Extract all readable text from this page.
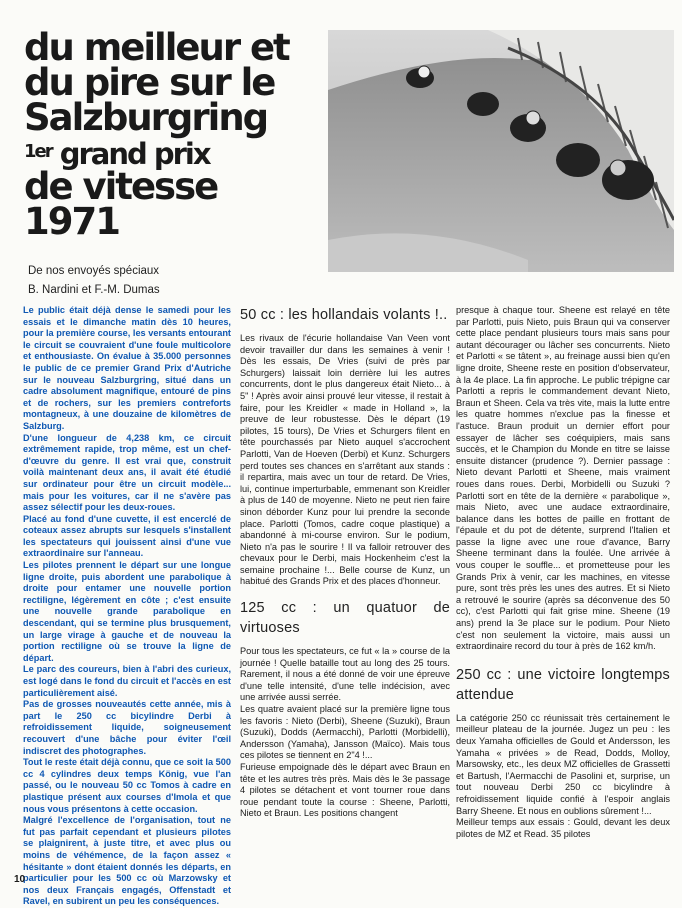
du meilleur et
du pire sur le
Salzburgring
$^{1er}$ grand prix
de vitesse
1971
De nos envoyés spéciaux
B. Nardini et F.-M. Dumas

Le public était déjà dense le samedi pour les essais et le dimanche matin dès 10 heures, pour la première course, les versants entourant le circuit se couvraient d'une foule multicolore et enthousiaste. On évalue à 35.000 personnes le public de ce premier Grand Prix d'Autriche sur le nouveau Salzburgring, situé dans un cadre absolument magnifique, entouré de pins et de rochers, sur les premiers contreforts montagneux, à une douzaine de kilomètres de Salzburg.

D'une longueur de 4,238 km, ce circuit extrêmement rapide, trop même, est un chef-d'œuvre du genre. Il est vrai que, construit voilà maintenant deux ans, il avait été étudié sur ordinateur pour être un circuit modèle... mais pour les voitures, car il ne s'avère pas assez sélectif pour les deux-roues.

Placé au fond d'une cuvette, il est encerclé de coteaux assez abrupts sur lesquels s'installent les spectateurs qui jouissent ainsi d'une vue extraordinaire sur l'anneau.

Les pilotes prennent le départ sur une longue ligne droite, puis abordent une parabolique à droite pour entamer une nouvelle portion rectiligne, légèrement en côte ; c'est ensuite une nouvelle grande parabolique en descendant, qui se termine plus brusquement, un large virage à gauche et de nouveau la portion rectiligne où se trouve la ligne de départ.

Le parc des coureurs, bien à l'abri des curieux, est logé dans le fond du circuit et l'accès en est particulièrement aisé.

Pas de grosses nouveautés cette année, mis à part le 250 cc bicylindre Derbi à refroidissement liquide, soigneusement recouvert d'une bâche pour éviter l'œil indiscret des photographes.

Tout le reste était déjà connu, que ce soit la 500 cc 4 cylindres deux temps König, vue l'an passé, ou le nouveau 50 cc Tomos à cadre en plastique présent aux courses d'Imola et que nous vous présentons à cette occasion.

Malgré l'excellence de l'organisation, tout ne fut pas parfait cependant et plusieurs pilotes se plaignirent, à juste titre, et avec plus ou moins de véhémence, de la façon assez « hésitante » dont étaient donnés les départs, en particulier pour les 500 cc où Marzowsky et nos deux Français engagés, Offenstadt et Ravel, en subirent un peu les conséquences.

50 cc : les hollandais volants !..

Les rivaux de l'écurie hollandaise Van Veen vont devoir travailler dur dans les semaines à venir ! Dès les essais, De Vries (suivi de près par Schurgers) laissait loin derrière lui les autres concurrents, dont le plus dangereux était Nieto... à 5" ! Après avoir ainsi prouvé leur vitesse, il restait à faire, pour les Kreidler « made in Holland », la preuve de leur robustesse. Dès le départ (19 pilotes, 15 tours), De Vries et Schurgers filent en tête pourchassés par Nieto auquel s'accrochent Parlotti, Van de Hoeven (Derbi) et Kunz. Schurgers perd toutes ses chances en s'arrêtant aux stands : il repartira, mais avec un tour de retard. De Vries, lui, continue imperturbable, emmenant son Kreidler à plus de 140 de moyenne. Nieto ne peut rien faire sinon déborder Kunz pour lui prendre la seconde place. Parlotti (Tomos, cadre coque plastique) a abandonné à mi-course environ. Sur le podium, Nieto n'a pas le sourire ! Il va falloir retrouver des chevaux pour le Derbi, mais Hockenheim c'est la semaine prochaine !... Belle course de Kunz, un habitué des Grands Prix et des places d'honneur.

125 cc : un quatuor de virtuoses

Pour tous les spectateurs, ce fut « la » course de la journée ! Quelle bataille tout au long des 25 tours. Rarement, il nous a été donné de voir une épreuve d'une telle intensité, d'une telle indécision, avec une arrivée aussi serrée.

Les quatre avaient placé sur la première ligne tous les favoris : Nieto (Derbi), Sheene (Suzuki), Braun (Suzuki), Dodds (Aermacchi), Parlotti (Morbidelli), Andersson (Yamaha), Jansson (Maïco). Mais tous ces pilotes se tiennent en 2"4 !...

Furieuse empoignade dès le départ avec Braun en tête et les autres très près. Mais dès le 3e passage 4 pilotes se détachent et vont tourner roue dans roue pendant toute la course : Sheene, Parlotti, Nieto et Braun. Les positions changent

presque à chaque tour. Sheene est relayé en tête par Parlotti, puis Nieto, puis Braun qui va conserver cette place pendant plusieurs tours mais sans pour autant décourager ou lâcher ses concurrents. Nieto et Parlotti « se tâtent », au freinage aussi bien qu'en ligne droite, Sheene reste en position d'observateur, à la 4e place. La fin approche. Le public trépigne car Parlotti a repris le commandement devant Nieto, Braun et Sheen. Cela va très vite, mais la lutte entre les quatre hommes n'exclue pas la finesse et l'astuce. Braun produit un dernier effort pour essayer de lâcher ses coéquipiers, mais sans succès, et le Champion du Monde en titre se laisse ensuite distancer (prudence ?). Dernier passage : Nieto devant Parlotti et Sheene, mais vraiment roues dans roues. Derbi, Morbidelli ou Suzuki ? Parlotti sort en tête de la dernière « parabolique », mais Nieto, avec une audace extraordinaire, balance dans les bottes de paille en frottant de l'épaule et du pot de détente, surprend l'Italien et passe la ligne avec une roue d'avance, Barry Sheene terminant dans la foulée. Une arrivée à vous couper le souffle... et prometteuse pour les Grands Prix à venir, car les machines, en vitesse pure, sont très près les unes des autres. Et si Nieto a retrouvé le sourire (après sa déconvenue des 50 cc), c'est Parlotti qui fait grise mine. Sheene (19 ans) prend la 3e place sur le podium. Pour Nieto c'est non seulement la victoire, mais aussi un extraordinaire record du tour à près de 162 km/h.

250 cc : une victoire longtemps attendue

La catégorie 250 cc réunissait très certainement le meilleur plateau de la journée. Jugez un peu : les deux Yamaha officielles de Gould et Andersson, les Yamaha « privées » de Read, Dodds, Molloy, Marsowsky, etc., les deux MZ officielles de Grassetti et Bartush, l'Aermacchi de Pasolini et, surprise, un tout nouveau Derbi 250 cc bicylindre à refroidissement liquide confié à l'espoir anglais Barry Sheene. Et nous en oublions sûrement !...

Meilleur temps aux essais : Gould, devant les deux pilotes de MZ et Read. 35 pilotes

10
